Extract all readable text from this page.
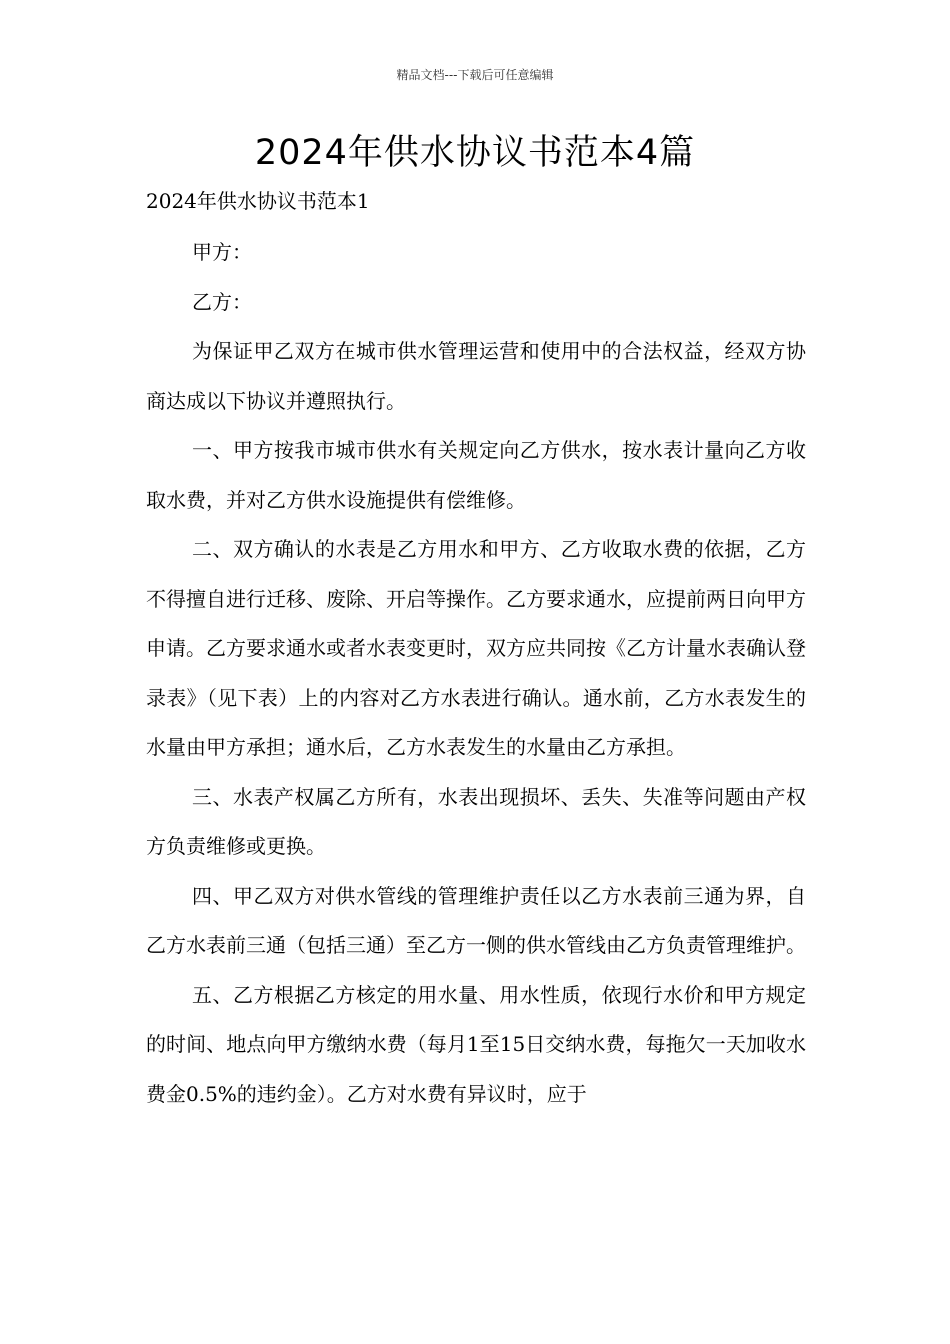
精品文档---下载后可任意编辑
2024年供水协议书范本4篇

2024年供水协议书范本1

甲方：

乙方：

为保证甲乙双方在城市供水管理运营和使用中的合法权益，经双方协商达成以下协议并遵照执行。

一、甲方按我市城市供水有关规定向乙方供水，按水表计量向乙方收取水费，并对乙方供水设施提供有偿维修。

二、双方确认的水表是乙方用水和甲方、乙方收取水费的依据，乙方不得擅自进行迁移、废除、开启等操作。乙方要求通水，应提前两日向甲方申请。乙方要求通水或者水表变更时，双方应共同按《乙方计量水表确认登录表》（见下表）上的内容对乙方水表进行确认。通水前，乙方水表发生的水量由甲方承担；通水后，乙方水表发生的水量由乙方承担。

三、水表产权属乙方所有，水表出现损坏、丢失、失准等问题由产权方负责维修或更换。

四、甲乙双方对供水管线的管理维护责任以乙方水表前三通为界，自乙方水表前三通（包括三通）至乙方一侧的供水管线由乙方负责管理维护。

五、乙方根据乙方核定的用水量、用水性质，依现行水价和甲方规定的时间、地点向甲方缴纳水费（每月1至15日交纳水费，每拖欠一天加收水费金0.5%的违约金）。乙方对水费有异议时，应于
